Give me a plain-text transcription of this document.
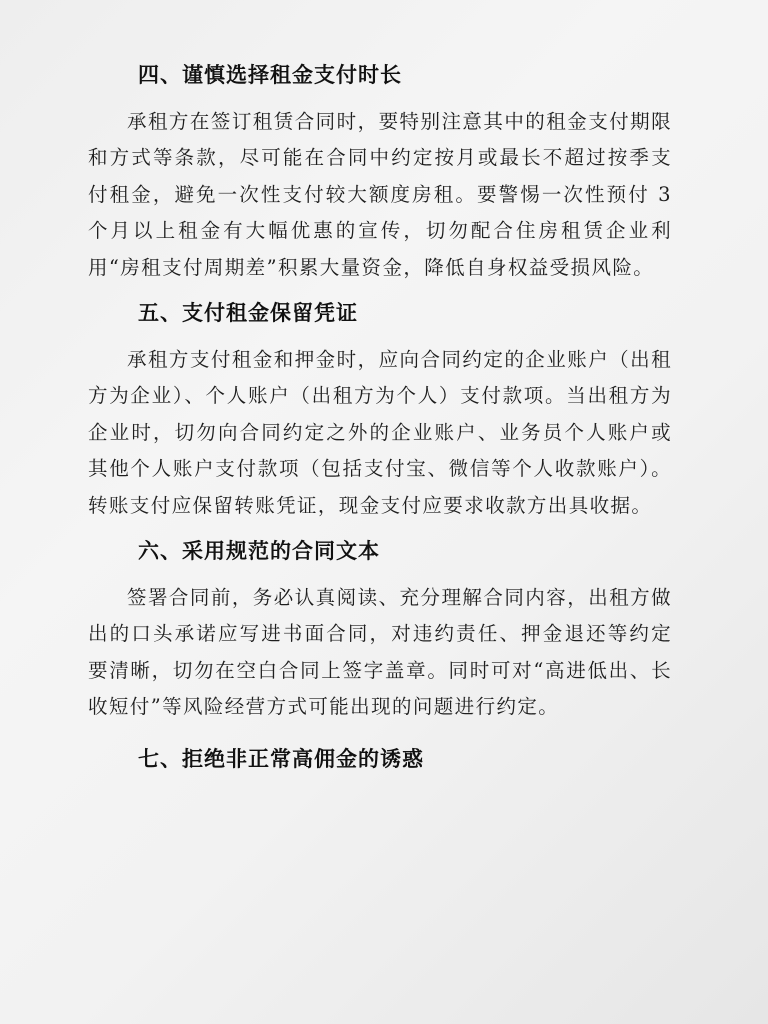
四、谨慎选择租金支付时长

承租方在签订租赁合同时，要特别注意其中的租金支付期限和方式等条款，尽可能在合同中约定按月或最长不超过按季支付租金，避免一次性支付较大额度房租。要警惕一次性预付 3 个月以上租金有大幅优惠的宣传，切勿配合住房租赁企业利用“房租支付周期差”积累大量资金，降低自身权益受损风险。

五、支付租金保留凭证

承租方支付租金和押金时，应向合同约定的企业账户（出租方为企业）、个人账户（出租方为个人）支付款项。当出租方为企业时，切勿向合同约定之外的企业账户、业务员个人账户或其他个人账户支付款项（包括支付宝、微信等个人收款账户）。转账支付应保留转账凭证，现金支付应要求收款方出具收据。

六、采用规范的合同文本

签署合同前，务必认真阅读、充分理解合同内容，出租方做出的口头承诺应写进书面合同，对违约责任、押金退还等约定要清晰，切勿在空白合同上签字盖章。同时可对“高进低出、长收短付”等风险经营方式可能出现的问题进行约定。

七、拒绝非正常高佣金的诱惑
